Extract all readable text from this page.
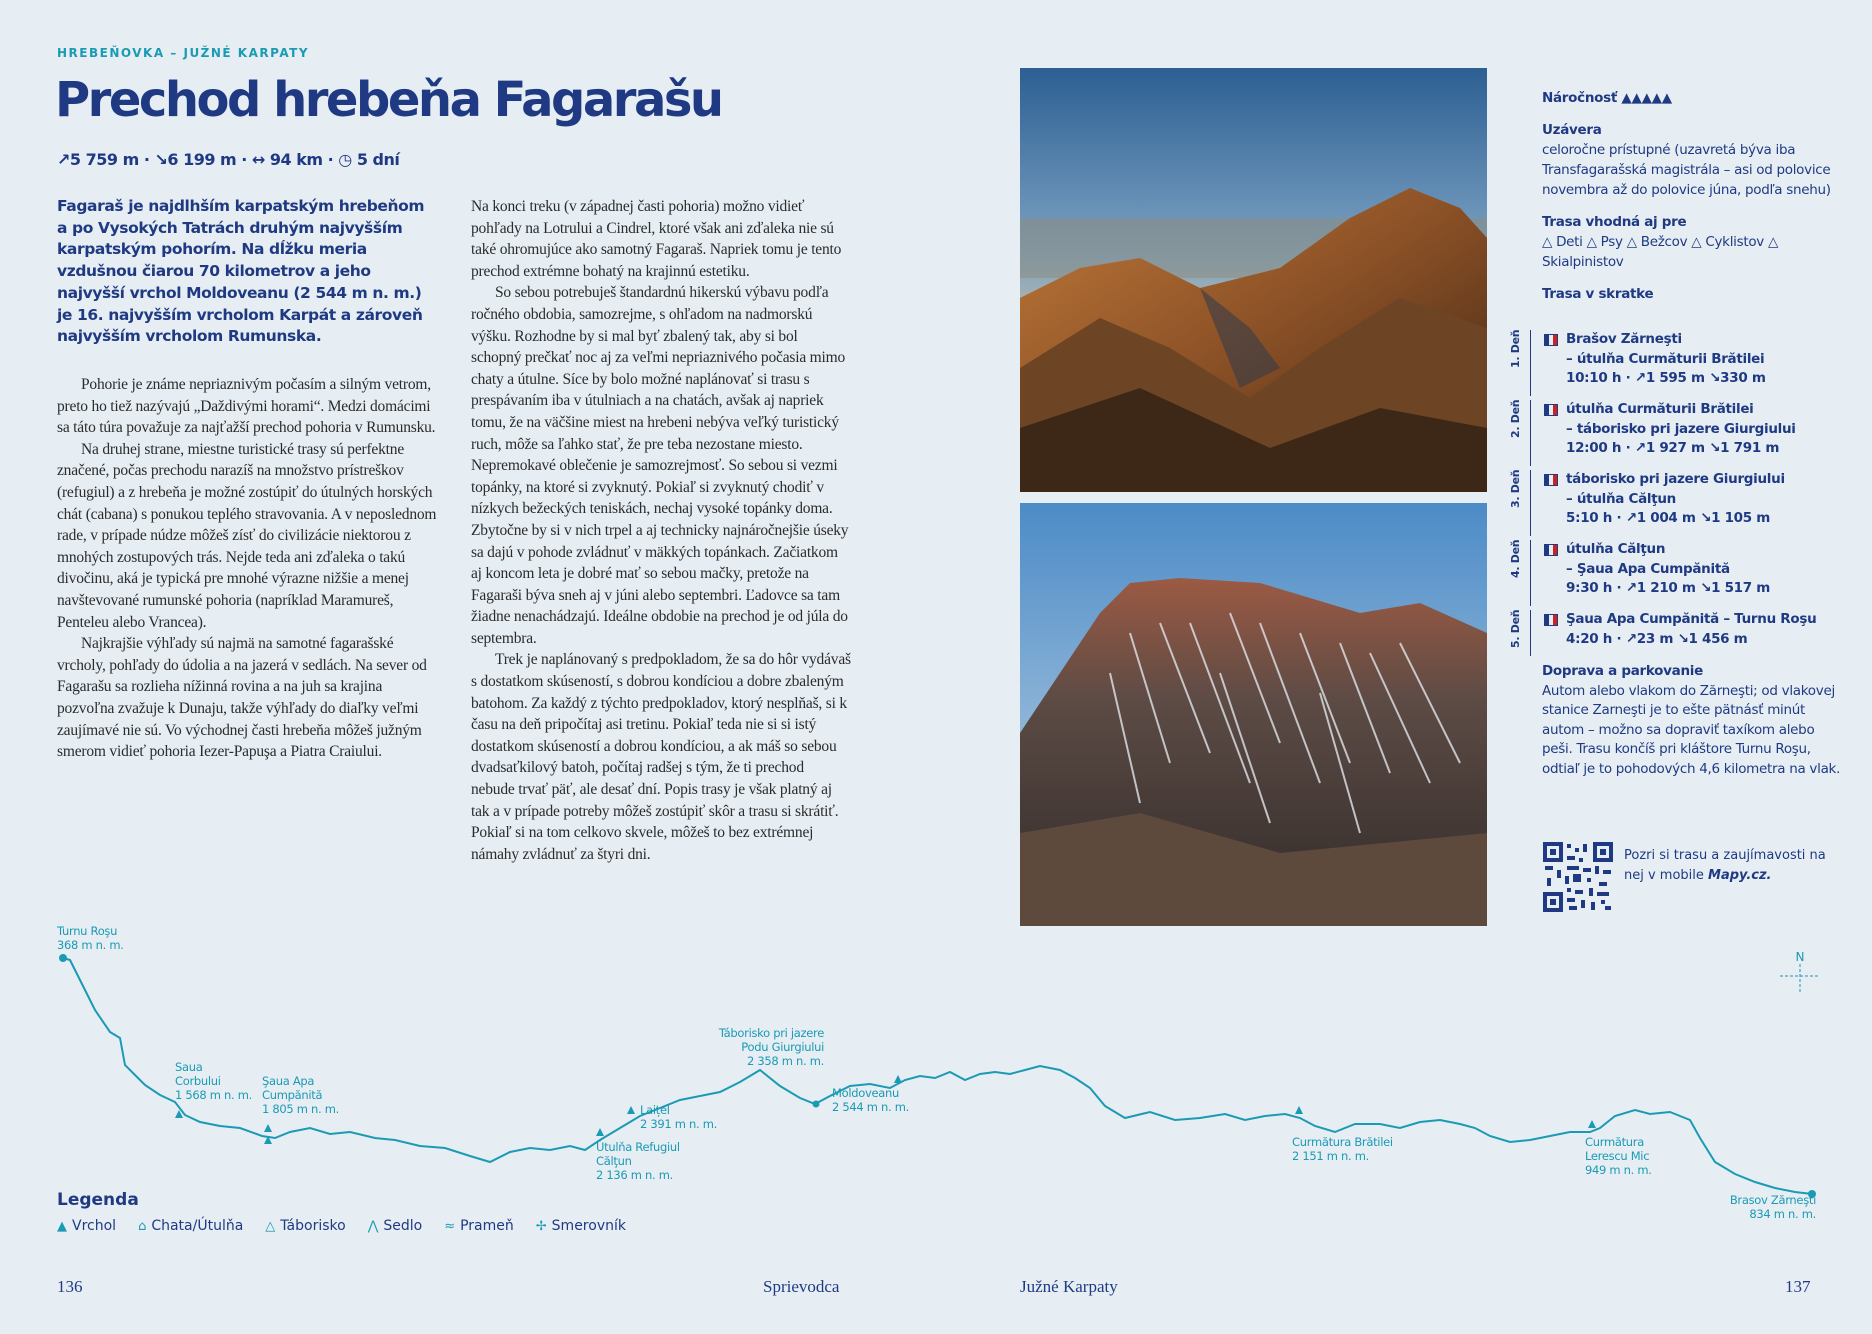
HREBEŇOVKA – JUŽNÉ KARPATY
Prechod hrebeňa Fagarašu
↗5 759 m · ↘6 199 m · ↔ 94 km · ◷ 5 dní
Fagaraš je najdlhším karpatským hrebeňom a po Vysokých Tatrách druhým najvyšším karpatským pohorím. Na dĺžku meria vzdušnou čiarou 70 kilometrov a jeho najvyšší vrchol Moldoveanu (2 544 m n. m.) je 16. najvyšším vrcholom Karpát a zároveň najvyšším vrcholom Rumunska.

Pohorie je známe nepriaznivým počasím a silným vetrom, preto ho tiež nazývajú „Daždivými horami“. Medzi domácimi sa táto túra považuje za najťažší prechod pohoria v Rumunsku.

Na druhej strane, miestne turistické trasy sú perfektne značené, počas prechodu narazíš na množstvo prístreškov (refugiul) a z hrebeňa je možné zostúpiť do útulných horských chát (cabana) s ponukou teplého stravovania. A v neposlednom rade, v prípade núdze môžeš zísť do civilizácie niektorou z mnohých zostupových trás. Nejde teda ani zďaleka o takú divočinu, aká je typická pre mnohé výrazne nižšie a menej navštevované rumunské pohoria (napríklad Maramureš, Penteleu alebo Vrancea).

Najkrajšie výhľady sú najmä na samotné fagarašské vrcholy, pohľady do údolia a na jazerá v sedlách. Na sever od Fagarašu sa rozlieha nížinná rovina a na juh sa krajina pozvoľna zvažuje k Dunaju, takže výhľady do diaľky veľmi zaujímavé nie sú. Vo východnej časti hrebeňa môžeš južným smerom vidieť pohoria Iezer-Papuşa a Piatra Craiului.

Na konci treku (v západnej časti pohoria) možno vidieť pohľady na Lotrului a Cindrel, ktoré však ani zďaleka nie sú také ohromujúce ako samotný Fagaraš. Napriek tomu je tento prechod extrémne bohatý na krajinnú estetiku.

So sebou potrebuješ štandardnú hikerskú výbavu podľa ročného obdobia, samozrejme, s ohľadom na nadmorskú výšku. Rozhodne by si mal byť zbalený tak, aby si bol schopný prečkať noc aj za veľmi nepriaznivého počasia mimo chaty a útulne. Síce by bolo možné naplánovať si trasu s prespávaním iba v útulniach a na chatách, avšak aj napriek tomu, že na väčšine miest na hrebeni nebýva veľký turistický ruch, môže sa ľahko stať, že pre teba nezostane miesto. Nepremokavé oblečenie je samozrejmosť. So sebou si vezmi topánky, na ktoré si zvyknutý. Pokiaľ si zvyknutý chodiť v nízkych bežeckých teniskách, nechaj vysoké topánky doma. Zbytočne by si v nich trpel a aj technicky najnáročnejšie úseky sa dajú v pohode zvládnuť v mäkkých topánkach. Začiatkom aj koncom leta je dobré mať so sebou mačky, pretože na Fagaraši býva sneh aj v júni alebo septembri. Ľadovce sa tam žiadne nenachádzajú. Ideálne obdobie na prechod je od júla do septembra.

Trek je naplánovaný s predpokladom, že sa do hôr vydávaš s dostatkom skúseností, s dobrou kondíciou a dobre zbaleným batohom. Za každý z týchto predpokladov, ktorý nesplňaš, si k času na deň pripočítaj asi tretinu. Pokiaľ teda nie si si istý dostatkom skúseností a dobrou kondíciou, a ak máš so sebou dvadsaťkilový batoh, počítaj radšej s tým, že ti prechod nebude trvať päť, ale desať dní. Popis trasy je však platný aj tak a v prípade potreby môžeš zostúpiť skôr a trasu si skrátiť. Pokiaľ si na tom celkovo skvele, môžeš to bez extrémnej námahy zvládnuť za štyri dni.

Náročnosť ▲▲▲▲▲
Uzávera
celoročne prístupné (uzavretá býva iba Transfagarašská magistrála – asi od polovice novembra až do polovice júna, podľa snehu)
Trasa vhodná aj pre
△ Deti △ Psy △ Bežcov △ Cyklistov △ Skialpinistov
Trasa v skratke
1. Deň	Brašov Zărneşti
– útulňa Curmăturii Brătilei
10:10 h · ↗1 595 m ↘330 m
2. Deň	útulňa Curmăturii Brătilei
– táborisko pri jazere Giurgiului
12:00 h · ↗1 927 m ↘1 791 m
3. Deň	táborisko pri jazere Giurgiului
– útulňa Călţun
5:10 h · ↗1 004 m ↘1 105 m
4. Deň	útulňa Călţun
– Şaua Apa Cumpănită
9:30 h · ↗1 210 m ↘1 517 m
5. Deň	Şaua Apa Cumpănită – Turnu Roşu
4:20 h · ↗23 m ↘1 456 m
Doprava a parkovanie
Autom alebo vlakom do Zărneşti; od vlakovej stanice Zarneşti je to ešte pätnásť minút autom – možno sa dopraviť taxíkom alebo peši. Trasu končíš pri kláštore Turnu Roşu, odtiaľ je to pohodových 4,6 kilometra na vlak.
Pozri si trasu a zaujímavosti na nej v mobile Mapy.cz.
N
Turnu Roşu
368 m n. m.
Saua Corbului
1 568 m n. m.
Şaua Apa Cumpănită
1 805 m n. m.
Útulňa Refugiul Călţun
2 136 m n. m.
Laițel
2 391 m n. m.
Táborisko pri jazere Podu Giurgiului
2 358 m n. m.
Moldoveanu
2 544 m n. m.
Curmătura Brătilei
2 151 m n. m.
Curmătura Lerescu Mic
949 m n. m.
Brasov Zărneşti
834 m n. m.
Legenda
▲ Vrchol ⌂ Chata/Útulňa △ Táborisko ⋀ Sedlo ≈ Prameň ✢ Smerovník
136	Sprievodca	Južné Karpaty	137
